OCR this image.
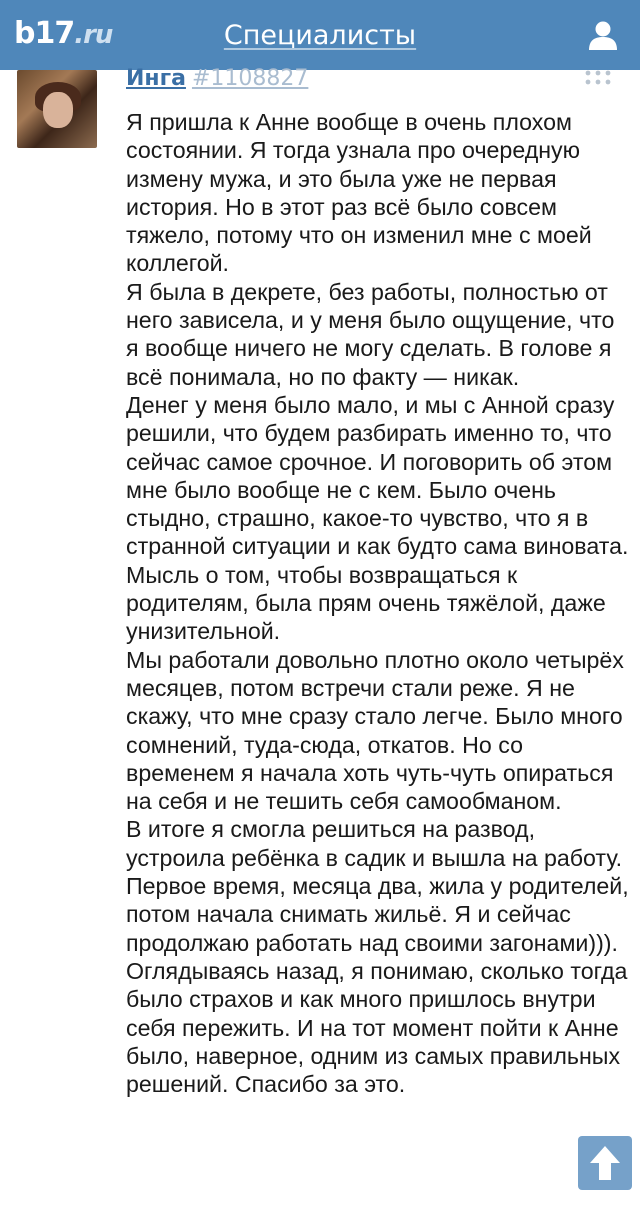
b17.ru	Специалисты
Инга #1108827

Я пришла к Анне вообще в очень плохом состоянии. Я тогда узнала про очередную измену мужа, и это была уже не первая история. Но в этот раз всё было совсем тяжело, потому что он изменил мне с моей коллегой.

Я была в декрете, без работы, полностью от него зависела, и у меня было ощущение, что я вообще ничего не могу сделать. В голове я всё понимала, но по факту — никак.

Денег у меня было мало, и мы с Анной сразу решили, что будем разбирать именно то, что сейчас самое срочное. И поговорить об этом мне было вообще не с кем. Было очень стыдно, страшно, какое-то чувство, что я в странной ситуации и как будто сама виновата. Мысль о том, чтобы возвращаться к родителям, была прям очень тяжёлой, даже унизительной.

Мы работали довольно плотно около четырёх месяцев, потом встречи стали реже. Я не скажу, что мне сразу стало легче. Было много сомнений, туда-сюда, откатов. Но со временем я начала хоть чуть-чуть опираться на себя и не тешить себя самообманом.

В итоге я смогла решиться на развод, устроила ребёнка в садик и вышла на работу. Первое время, месяца два, жила у родителей, потом начала снимать жильё. Я и сейчас продолжаю работать над своими загонами))).

Оглядываясь назад, я понимаю, сколько тогда было страхов и как много пришлось внутри себя пережить. И на тот момент пойти к Анне было, наверное, одним из самых правильных решений. Спасибо за это.
